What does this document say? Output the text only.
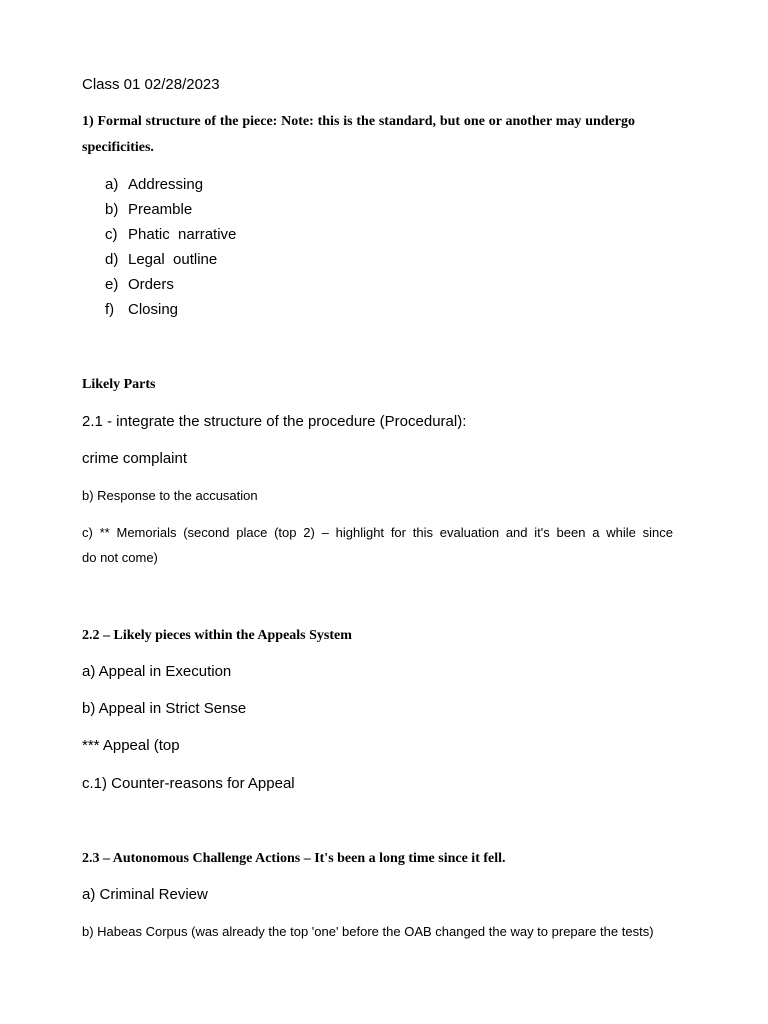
Class 01 02/28/2023

1) Formal structure of the piece: Note: this is the standard, but one or another may undergo

specificities.

a) Addressing

b) Preamble

c) Phatic  narrative

d) Legal  outline

e) Orders

f) Closing

Likely Parts

2.1 - integrate the structure of the procedure (Procedural):

crime complaint

b) Response to the accusation

c) ** Memorials (second place (top 2) – highlight for this evaluation and it's been a while since

do not come)

2.2 – Likely pieces within the Appeals System

a) Appeal in Execution

b) Appeal in Strict Sense

*** Appeal (top

c.1) Counter-reasons for Appeal

2.3 – Autonomous Challenge Actions – It's been a long time since it fell.

a) Criminal Review

b) Habeas Corpus (was already the top 'one' before the OAB changed the way to prepare the tests)
